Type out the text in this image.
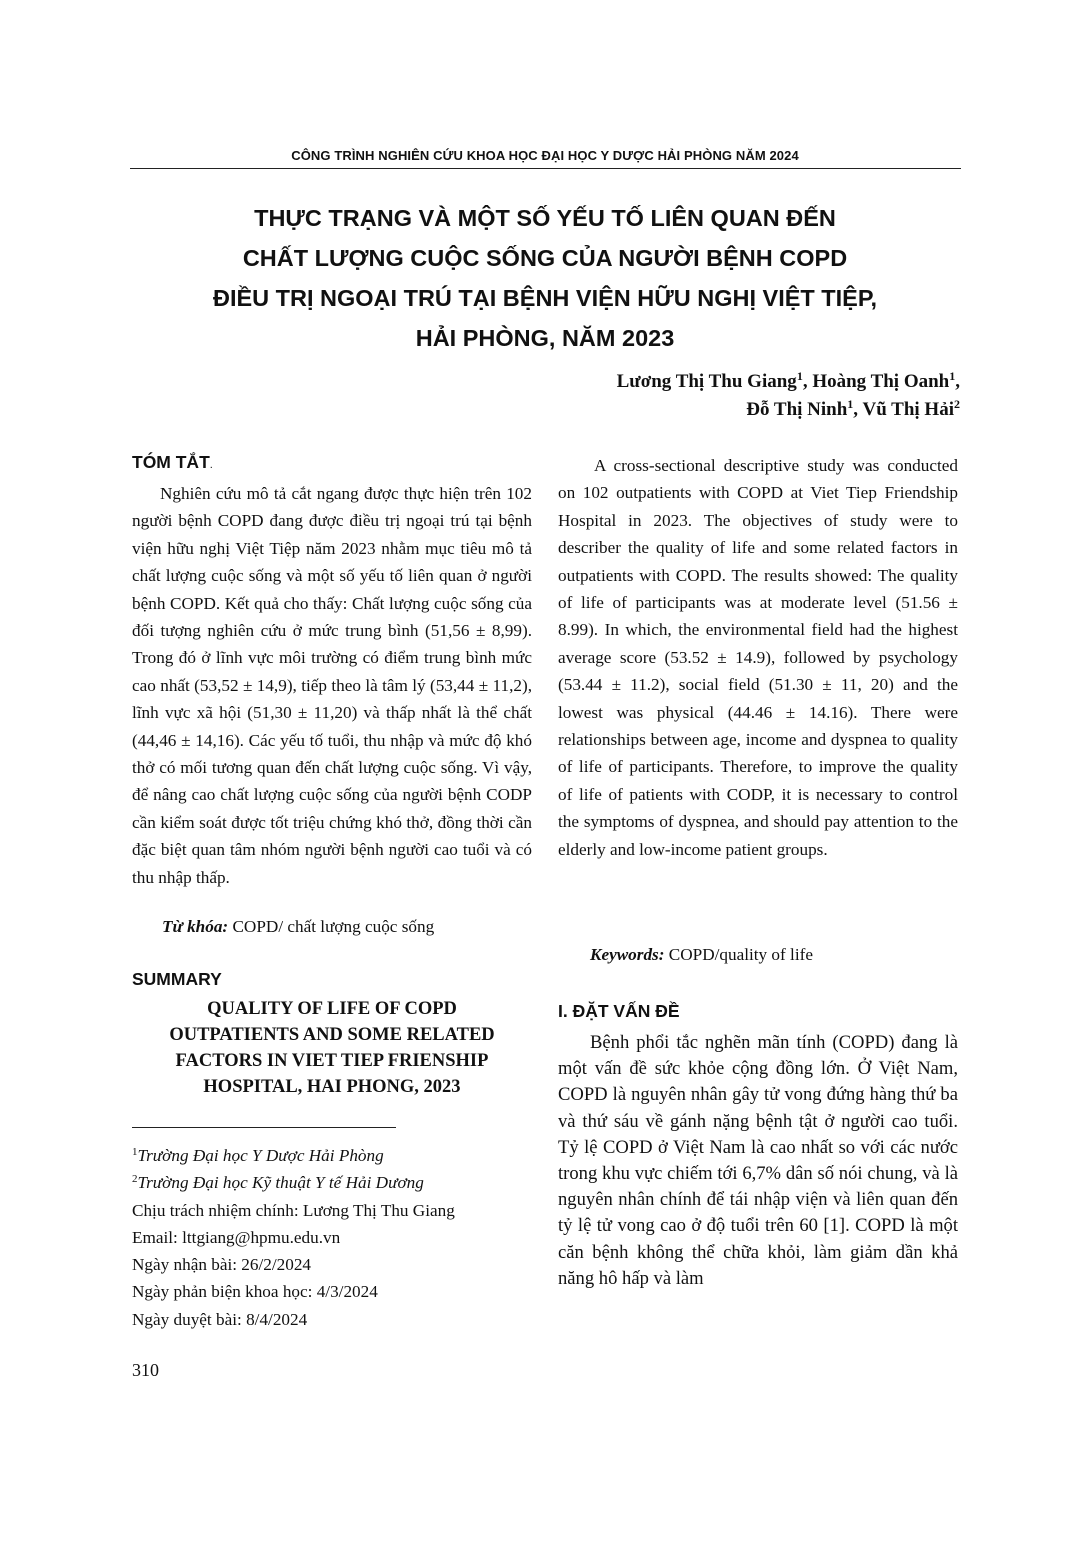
CÔNG TRÌNH NGHIÊN CỨU KHOA HỌC ĐẠI HỌC Y DƯỢC HẢI PHÒNG NĂM 2024
THỰC TRẠNG VÀ MỘT SỐ YẾU TỐ LIÊN QUAN ĐẾN
CHẤT LƯỢNG CUỘC SỐNG CỦA NGƯỜI BỆNH COPD
ĐIỀU TRỊ NGOẠI TRÚ TẠI BỆNH VIỆN HỮU NGHỊ VIỆT TIỆP,
HẢI PHÒNG, NĂM 2023
Lương Thị Thu Giang$^1$, Hoàng Thị Oanh$^1$,
Đỗ Thị Ninh$^1$, Vũ Thị Hải$^2$
TÓM TẮT.

Nghiên cứu mô tả cắt ngang được thực hiện trên 102 người bệnh COPD đang được điều trị ngoại trú tại bệnh viện hữu nghị Việt Tiệp năm 2023 nhằm mục tiêu mô tả chất lượng cuộc sống và một số yếu tố liên quan ở người bệnh COPD. Kết quả cho thấy: Chất lượng cuộc sống của đối tượng nghiên cứu ở mức trung bình (51,56 ± 8,99). Trong đó ở lĩnh vực môi trường có điểm trung bình mức cao nhất (53,52 ± 14,9), tiếp theo là tâm lý (53,44 ± 11,2), lĩnh vực xã hội (51,30 ± 11,20) và thấp nhất là thể chất (44,46 ± 14,16). Các yếu tố tuổi, thu nhập và mức độ khó thở có mối tương quan đến chất lượng cuộc sống. Vì vậy, để nâng cao chất lượng cuộc sống của người bệnh CODP cần kiểm soát được tốt triệu chứng khó thở, đồng thời cần đặc biệt quan tâm nhóm người bệnh người cao tuổi và có thu nhập thấp.

Từ khóa: COPD/ chất lượng cuộc sống

SUMMARY
QUALITY OF LIFE OF COPD
OUTPATIENTS AND SOME RELATED
FACTORS IN VIET TIEP FRIENSHIP
HOSPITAL, HAI PHONG, 2023
$^1$Trường Đại học Y Dược Hải Phòng
$^2$Trường Đại học Kỹ thuật Y tế Hải Dương
Chịu trách nhiệm chính: Lương Thị Thu Giang
Email: lttgiang@hpmu.edu.vn
Ngày nhận bài: 26/2/2024
Ngày phản biện khoa học: 4/3/2024
Ngày duyệt bài: 8/4/2024
310

A cross-sectional descriptive study was conducted on 102 outpatients with COPD at Viet Tiep Friendship Hospital in 2023. The objectives of study were to describer the quality of life and some related factors in outpatients with COPD. The results showed: The quality of life of participants was at moderate level (51.56 ± 8.99). In which, the environmental field had the highest average score (53.52 ± 14.9), followed by psychology (53.44 ± 11.2), social field (51.30 ± 11, 20) and the lowest was physical (44.46 ± 14.16). There were relationships between age, income and dyspnea to quality of life of participants. Therefore, to improve the quality of life of patients with CODP, it is necessary to control the symptoms of dyspnea, and should pay attention to the elderly and low-income patient groups.

Keywords: COPD/quality of life

I. ĐẶT VẤN ĐỀ

Bệnh phổi tắc nghẽn mãn tính (COPD) đang là một vấn đề sức khỏe cộng đồng lớn. Ở Việt Nam, COPD là nguyên nhân gây tử vong đứng hàng thứ ba và thứ sáu về gánh nặng bệnh tật ở người cao tuổi. Tỷ lệ COPD ở Việt Nam là cao nhất so với các nước trong khu vực chiếm tới 6,7% dân số nói chung, và là nguyên nhân chính để tái nhập viện và liên quan đến tỷ lệ tử vong cao ở độ tuổi trên 60 [1]. COPD là một căn bệnh không thể chữa khỏi, làm giảm dần khả năng hô hấp và làm
